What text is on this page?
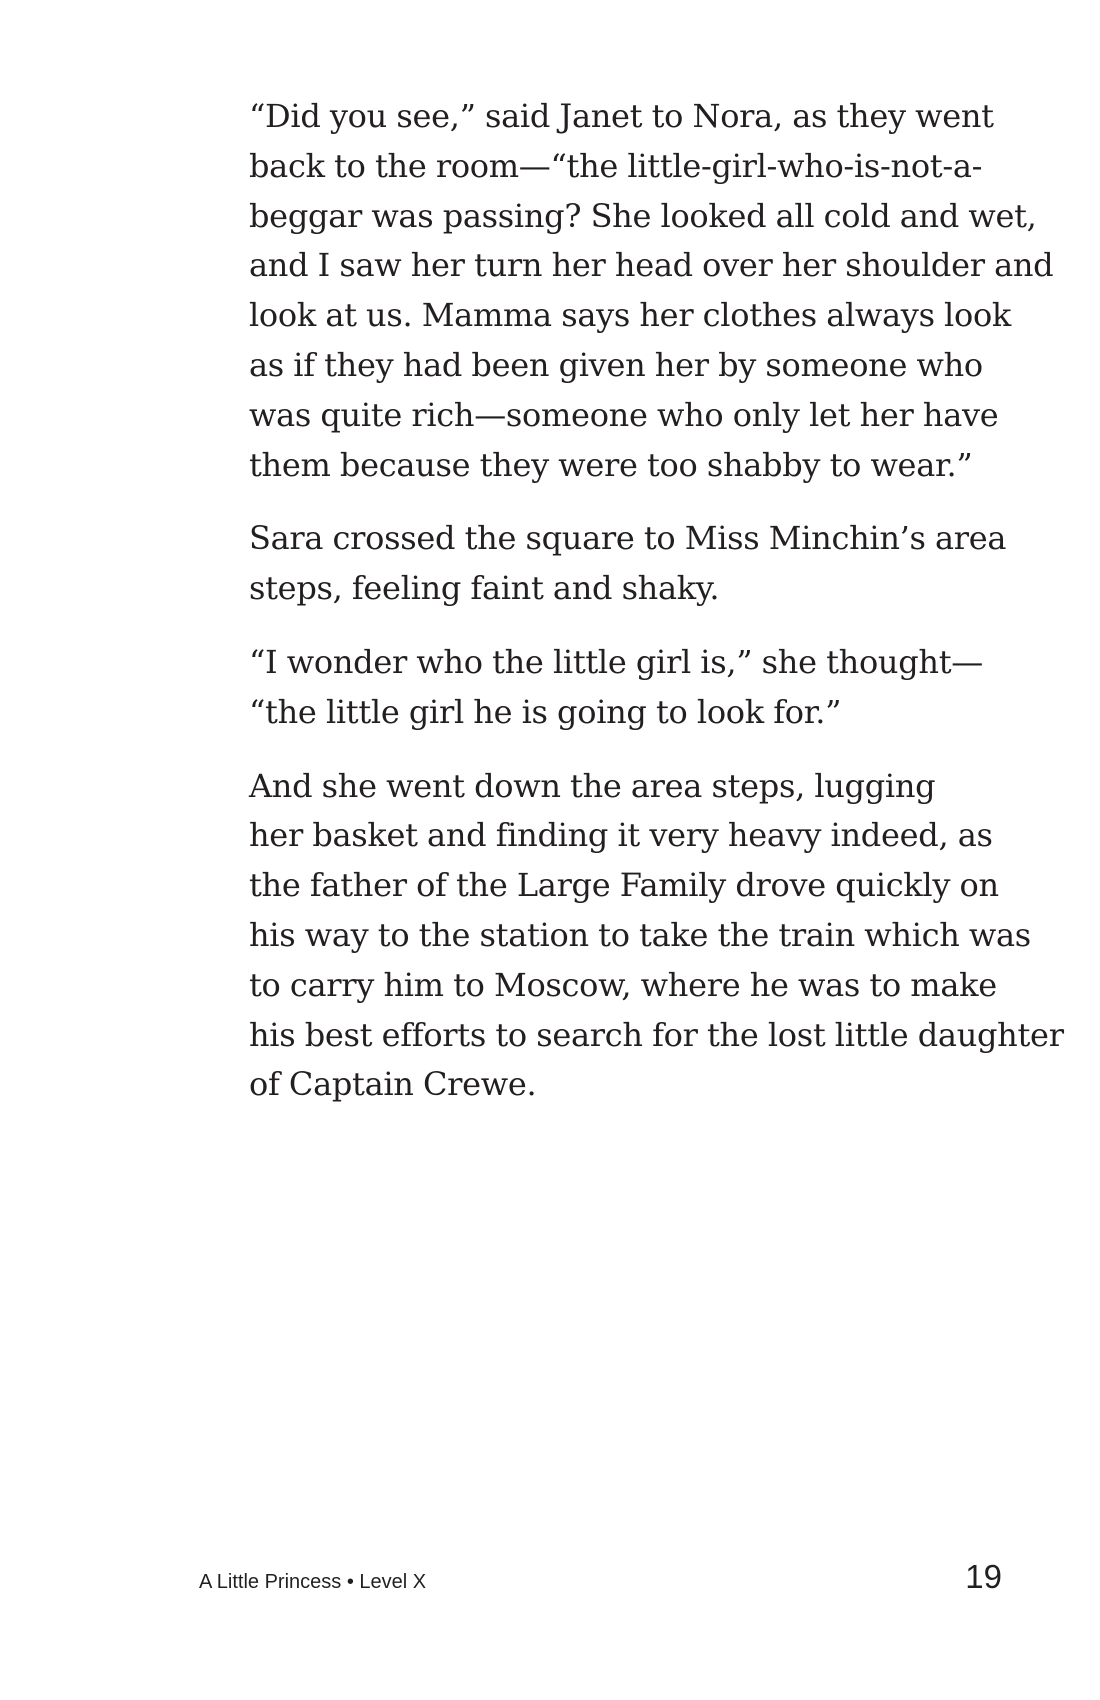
“Did you see,” said Janet to Nora, as they went
back to the room—“the little-girl-who-is-not-a-
beggar was passing? She looked all cold and wet,
and I saw her turn her head over her shoulder and
look at us. Mamma says her clothes always look
as if they had been given her by someone who
was quite rich—someone who only let her have
them because they were too shabby to wear.”

Sara crossed the square to Miss Minchin’s area
steps, feeling faint and shaky.

“I wonder who the little girl is,” she thought—
“the little girl he is going to look for.”

And she went down the area steps, lugging
her basket and finding it very heavy indeed, as
the father of the Large Family drove quickly on
his way to the station to take the train which was
to carry him to Moscow, where he was to make
his best efforts to search for the lost little daughter
of Captain Crewe.

A Little Princess • Level X	19
